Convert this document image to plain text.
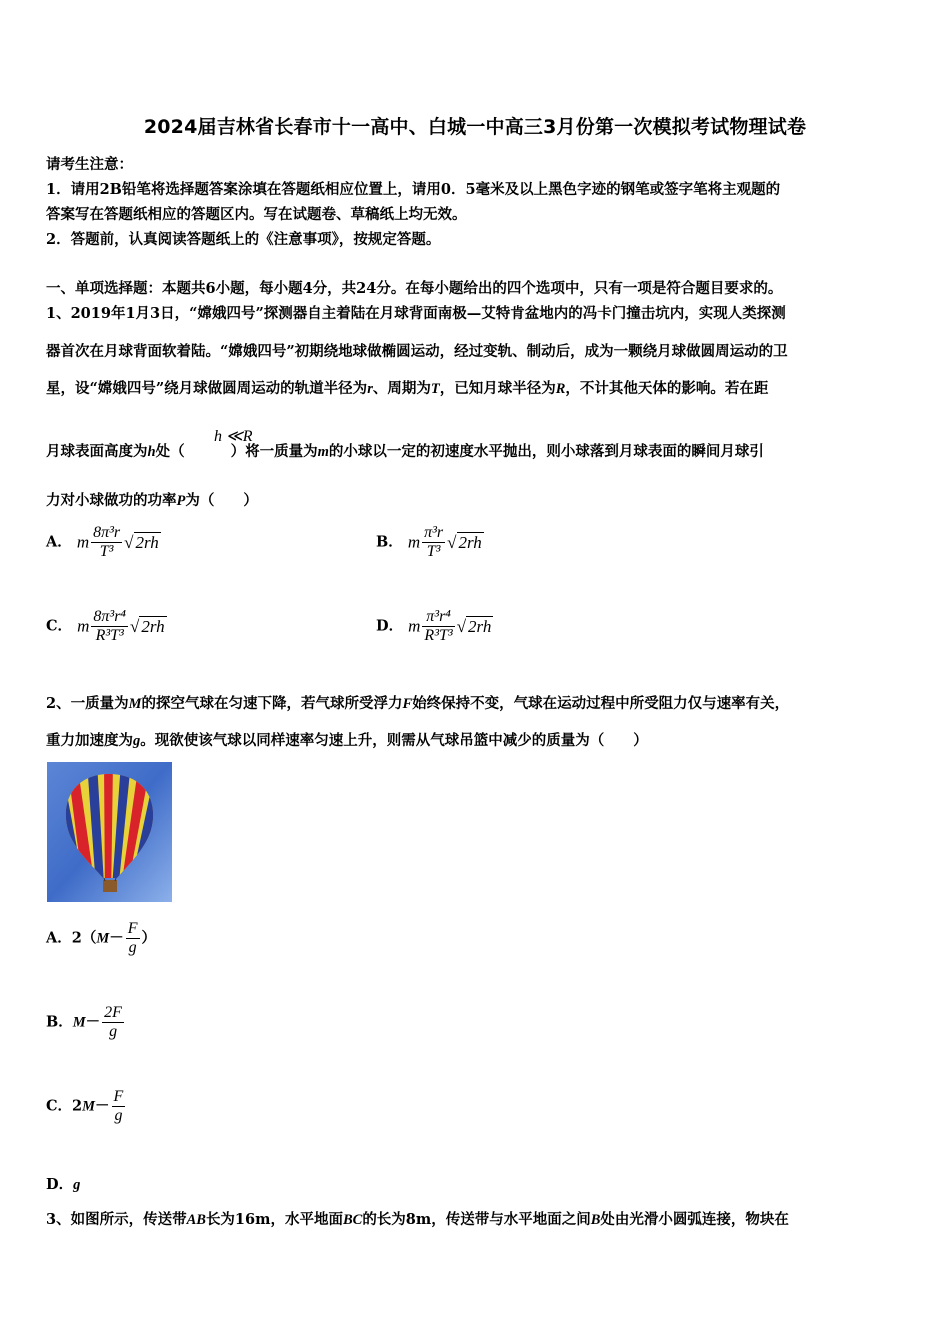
2024届吉林省长春市十一高中、白城一中高三3月份第一次模拟考试物理试卷
请考生注意：
1．请用2B铅笔将选择题答案涂填在答题纸相应位置上，请用0．5毫米及以上黑色字迹的钢笔或签字笔将主观题的
答案写在答题纸相应的答题区内。写在试题卷、草稿纸上均无效。
2．答题前，认真阅读答题纸上的《注意事项》，按规定答题。
一、单项选择题：本题共6小题，每小题4分，共24分。在每小题给出的四个选项中，只有一项是符合题目要求的。
1、2019年1月3日，“嫦娥四号”探测器自主着陆在月球背面南极—艾特肯盆地内的冯卡门撞击坑内，实现人类探测
器首次在月球背面软着陆。“嫦娥四号”初期绕地球做椭圆运动，经过变轨、制动后，成为一颗绕月球做圆周运动的卫
星，设“嫦娥四号”绕月球做圆周运动的轨道半径为r、周期为T，已知月球半径为R，不计其他天体的影响。若在距
h ≪R
月球表面高度为h处（	）将一质量为m的小球以一定的初速度水平抛出，则小球落到月球表面的瞬间月球引
力对小球做功的功率P为（　　）
A． m $\frac{\text{8π³r}}{\text{T³}}$ √ 2rh	B． m $\frac{\text{π³r}}{\text{T³}}$ √ 2rh
C． m $\frac{\text{8π³r⁴}}{\text{R³T³}}$ √ 2rh	D． m $\frac{\text{π³r⁴}}{\text{R³T³}}$ √ 2rh
2、一质量为M的探空气球在匀速下降，若气球所受浮力F始终保持不变，气球在运动过程中所受阻力仅与速率有关，
重力加速度为g。现欲使该气球以同样速率匀速上升，则需从气球吊篮中减少的质量为（　　）
A．$2(M- \frac{F}{g}$ ）
B．$M- \frac{2F}{g}$
C．$2M- \frac{F}{g}$
D．g
3、如图所示，传送带AB长为16m，水平地面BC的长为8m，传送带与水平地面之间B处由光滑小圆弧连接，物块在
